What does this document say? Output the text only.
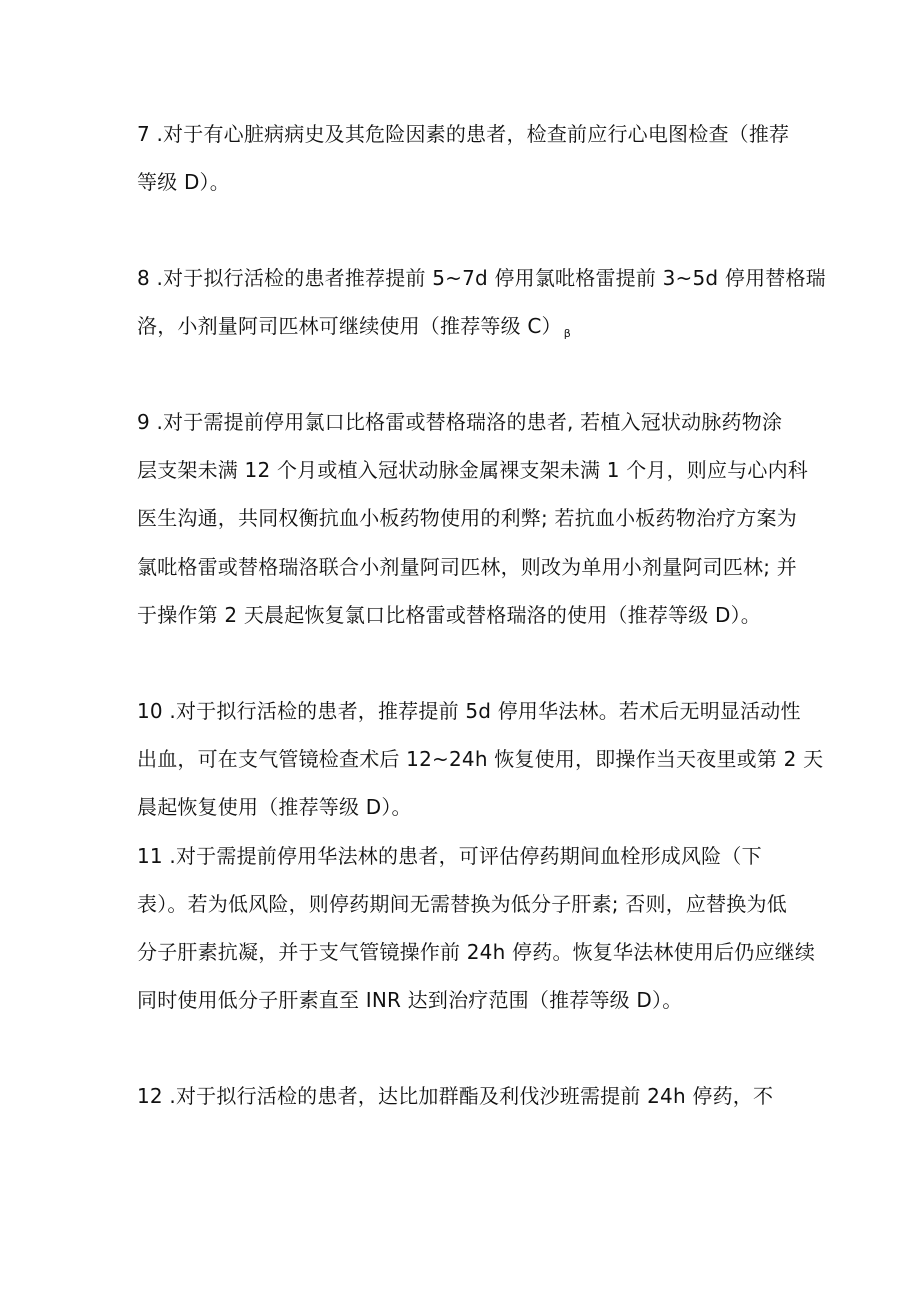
7 .对于有心脏病病史及其危险因素的患者，检查前应行心电图检查（推荐
等级 D）。
8 .对于拟行活检的患者推荐提前 5~7d 停用氯吡格雷提前 3~5d 停用替格瑞
洛，小剂量阿司匹林可继续使用（推荐等级 C） $_\beta$
9 .对于需提前停用氯口比格雷或替格瑞洛的患者, 若植入冠状动脉药物涂
层支架未满 12 个月或植入冠状动脉金属裸支架未满 1 个月，则应与心内科
医生沟通，共同权衡抗血小板药物使用的利弊; 若抗血小板药物治疗方案为
氯吡格雷或替格瑞洛联合小剂量阿司匹林，则改为单用小剂量阿司匹林; 并
于操作第 2 天晨起恢复氯口比格雷或替格瑞洛的使用（推荐等级 D）。
10 .对于拟行活检的患者，推荐提前 5d 停用华法林。若术后无明显活动性
出血，可在支气管镜检查术后 12~24h 恢复使用，即操作当天夜里或第 2 天
晨起恢复使用（推荐等级 D）。
11 .对于需提前停用华法林的患者，可评估停药期间血栓形成风险（下
表）。若为低风险，则停药期间无需替换为低分子肝素; 否则，应替换为低
分子肝素抗凝，并于支气管镜操作前 24h 停药。恢复华法林使用后仍应继续
同时使用低分子肝素直至 INR 达到治疗范围（推荐等级 D）。
12 .对于拟行活检的患者，达比加群酯及利伐沙班需提前 24h 停药，不
